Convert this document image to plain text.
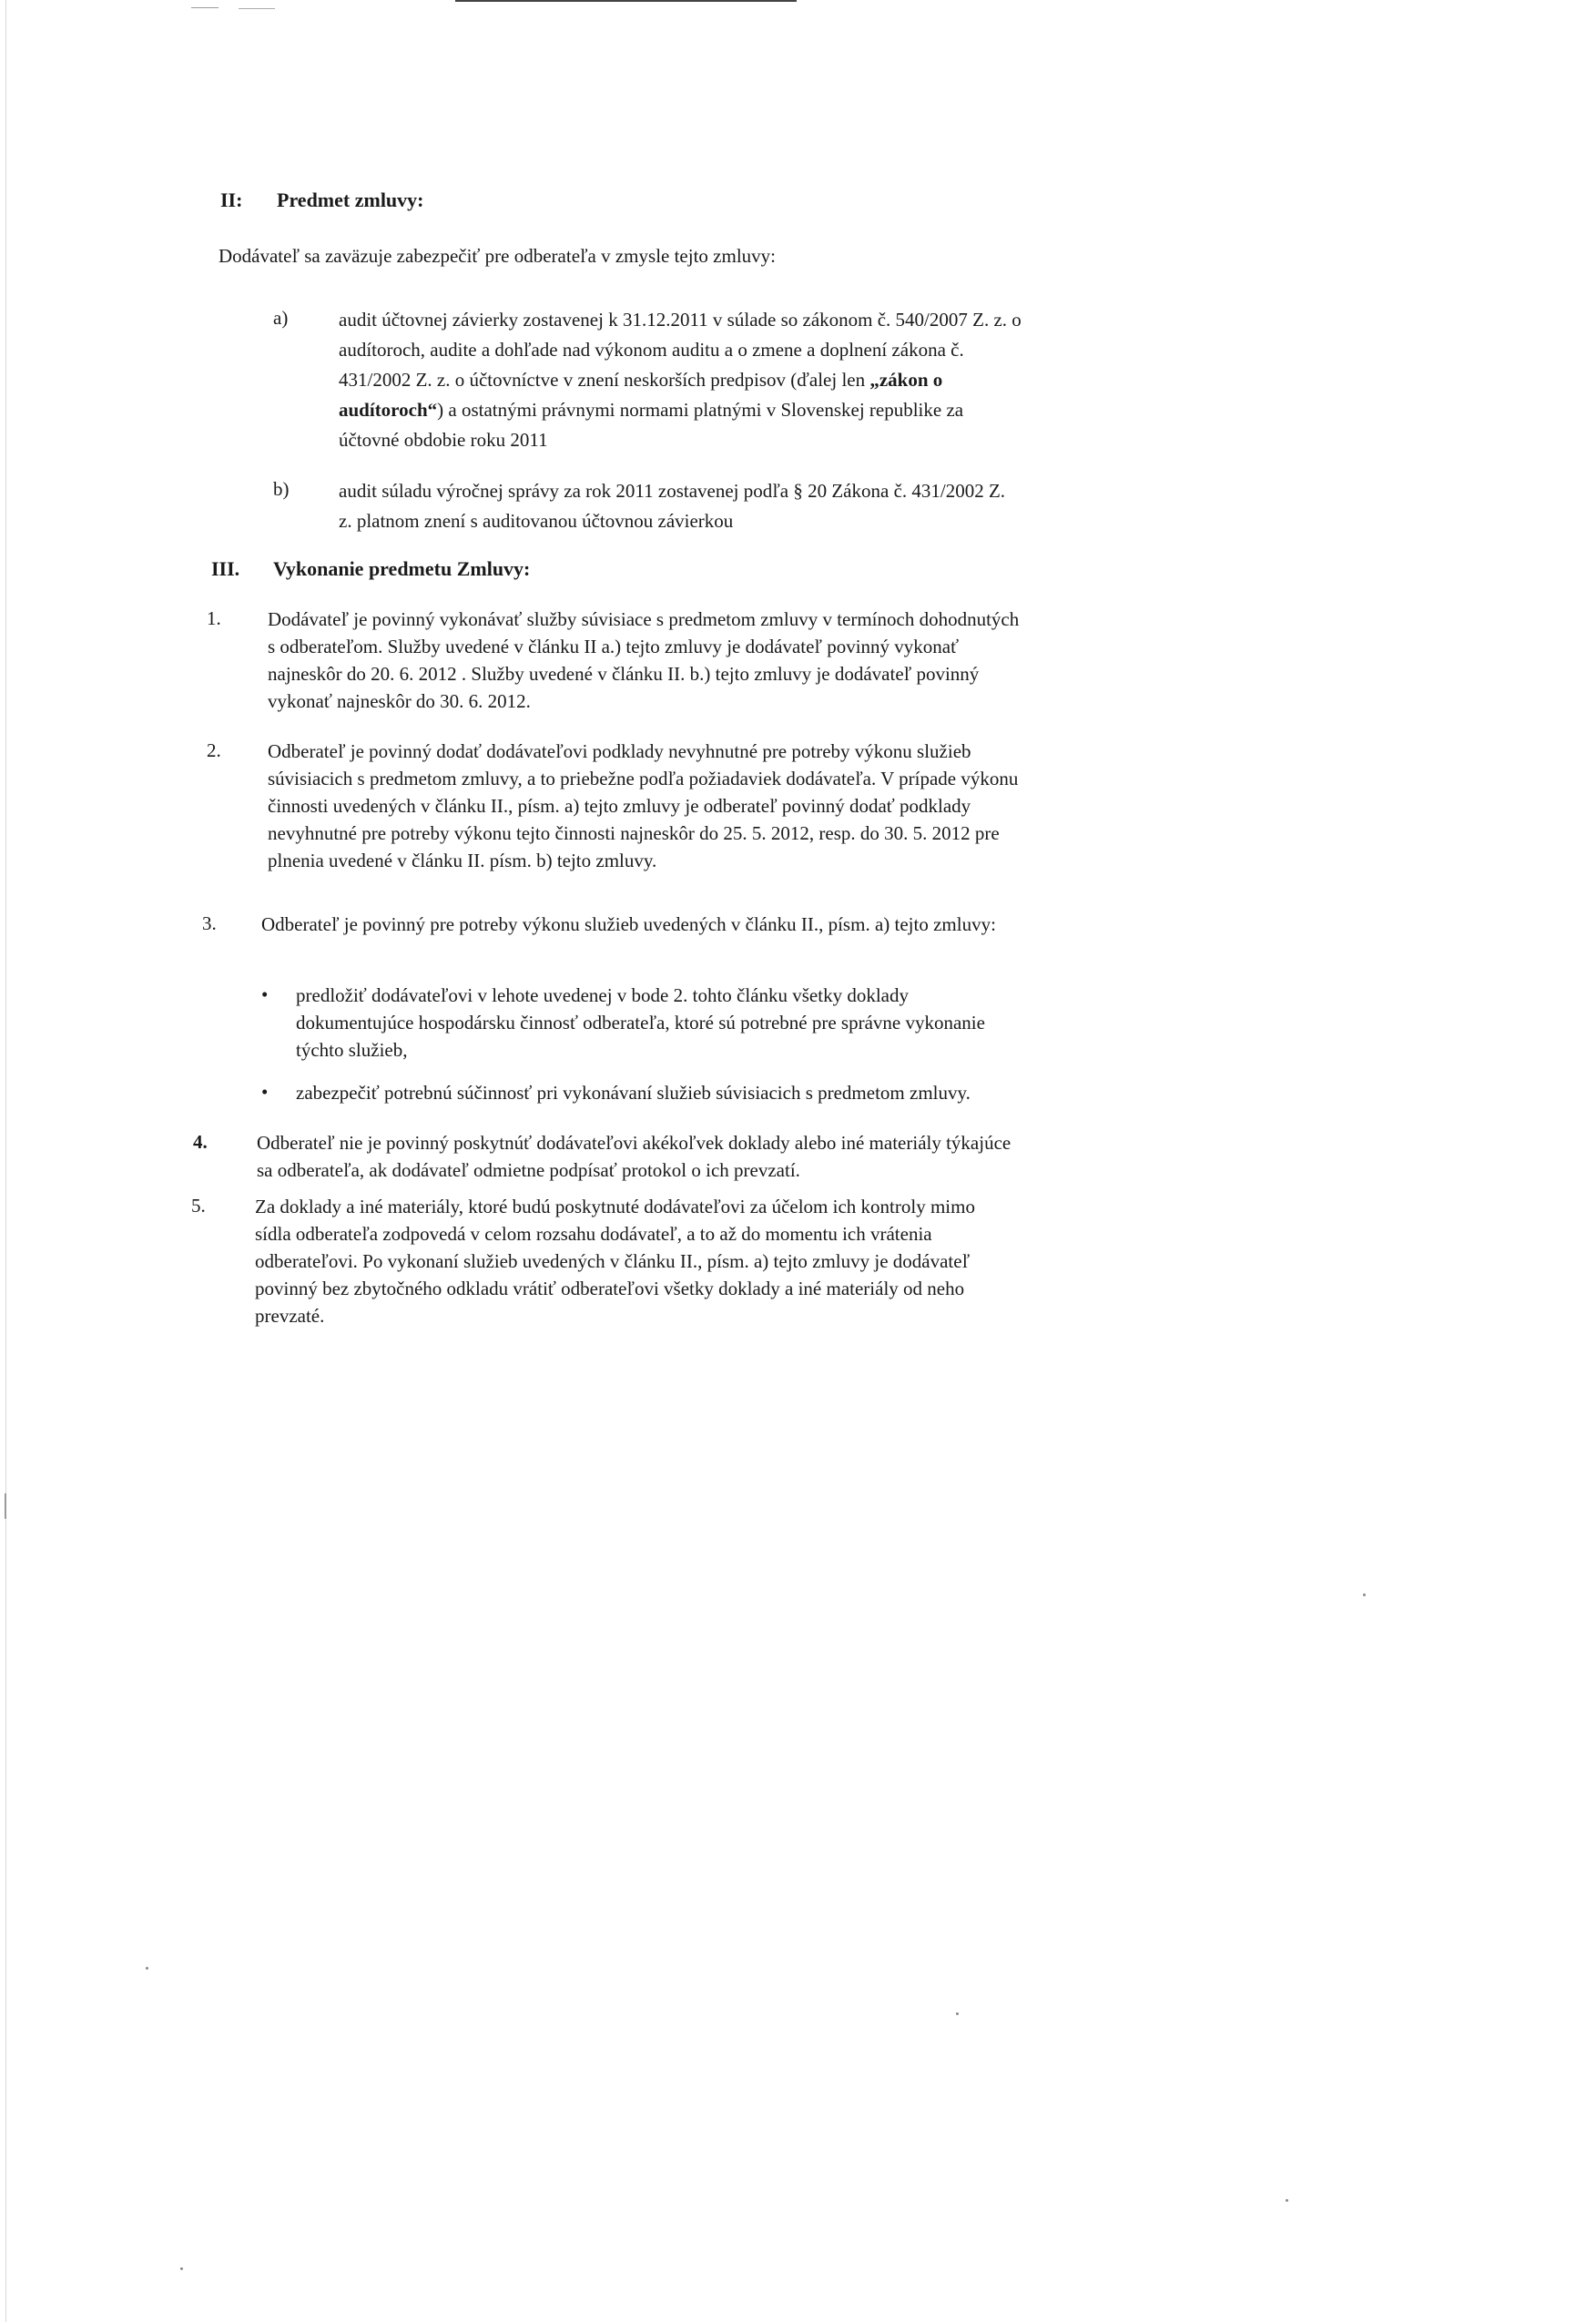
II: Predmet zmluvy:
Dodávateľ sa zaväzuje zabezpečiť pre odberateľa v zmysle tejto zmluvy:
a)	audit účtovnej závierky zostavenej k 31.12.2011 v súlade so zákonom č. 540/2007 Z. z. o audítoroch, audite a dohľade nad výkonom auditu a o zmene a doplnení zákona č. 431/2002 Z. z. o účtovníctve v znení neskorších predpisov (ďalej len „zákon o audítoroch“) a ostatnými právnymi normami platnými v Slovenskej republike za účtovné obdobie roku 2011
b)	audit súladu výročnej správy za rok 2011 zostavenej podľa § 20 Zákona č. 431/2002 Z. z. platnom znení s auditovanou účtovnou závierkou
III. Vykonanie predmetu Zmluvy:
1. Dodávateľ je povinný vykonávať služby súvisiace s predmetom zmluvy v termínoch dohodnutých s odberateľom. Služby uvedené v článku II a.) tejto zmluvy je dodávateľ povinný vykonať najneskôr do 20. 6. 2012 . Služby uvedené v článku II. b.) tejto zmluvy je dodávateľ povinný vykonať najneskôr do 30. 6. 2012.
2. Odberateľ je povinný dodať dodávateľovi podklady nevyhnutné pre potreby výkonu služieb súvisiacich s predmetom zmluvy, a to priebežne podľa požiadaviek dodávateľa. V prípade výkonu činnosti uvedených v článku II., písm. a) tejto zmluvy je odberateľ povinný dodať podklady nevyhnutné pre potreby výkonu tejto činnosti najneskôr do 25. 5. 2012, resp. do 30. 5. 2012 pre plnenia uvedené v článku II. písm. b) tejto zmluvy.
3. Odberateľ je povinný pre potreby výkonu služieb uvedených v článku II., písm. a) tejto zmluvy:
• predložiť dodávateľovi v lehote uvedenej v bode 2. tohto článku všetky doklady dokumentujúce hospodársku činnosť odberateľa, ktoré sú potrebné pre správne vykonanie týchto služieb,
• zabezpečiť potrebnú súčinnosť pri vykonávaní služieb súvisiacich s predmetom zmluvy.
4.	Odberateľ nie je povinný poskytnúť dodávateľovi akékoľvek doklady alebo iné materiály týkajúce sa odberateľa, ak dodávateľ odmietne podpísať protokol o ich prevzatí.
5.	Za doklady a iné materiály, ktoré budú poskytnuté dodávateľovi za účelom ich kontroly mimo sídla odberateľa zodpovedá v celom rozsahu dodávateľ, a to až do momentu ich vrátenia odberateľovi. Po vykonaní služieb uvedených v článku II., písm. a) tejto zmluvy je dodávateľ povinný bez zbytočného odkladu vrátiť odberateľovi všetky doklady a iné materiály od neho prevzaté.
